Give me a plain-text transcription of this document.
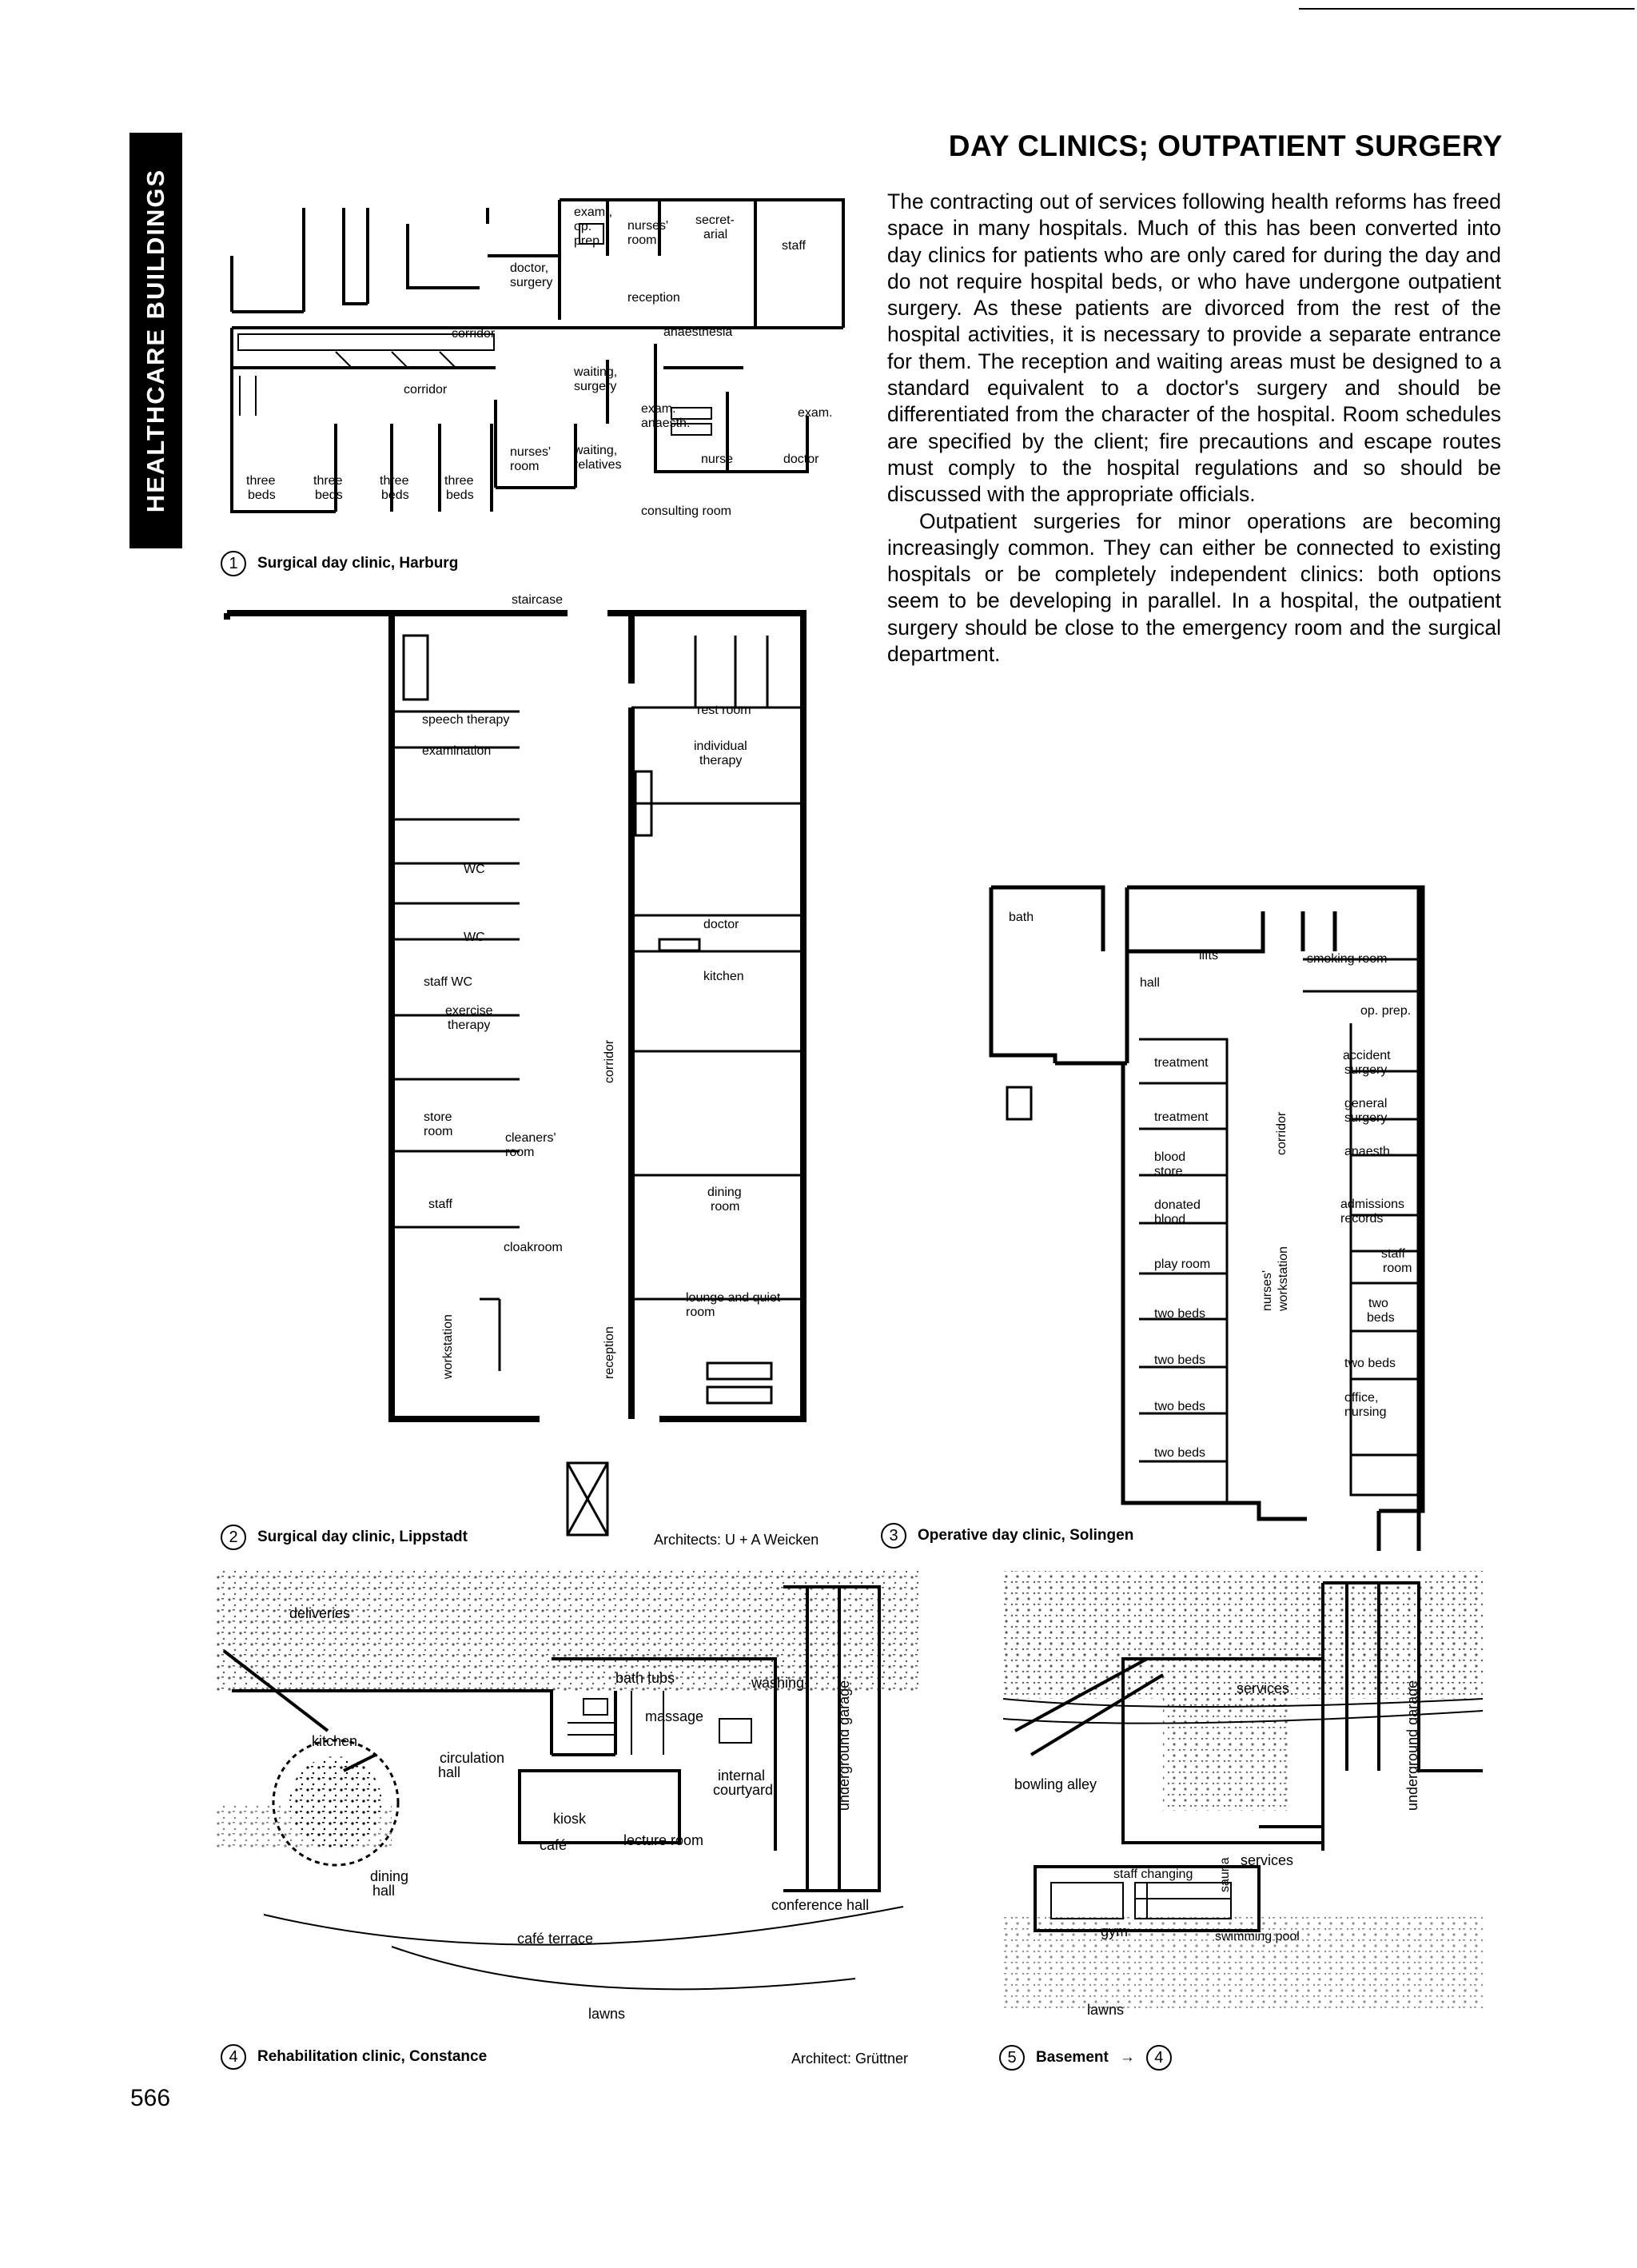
HEALTHCARE BUILDINGS
DAY CLINICS; OUTPATIENT SURGERY

The contracting out of services following health reforms has freed space in many hospitals. Much of this has been converted into day clinics for patients who are only cared for during the day and do not require hospital beds, or who have undergone outpatient surgery. As these patients are divorced from the rest of the hospital activities, it is necessary to provide a separate entrance for them. The reception and waiting areas must be designed to a standard equivalent to a doctor's surgery and should be differentiated from the character of the hospital. Room schedules are specified by the client; fire precautions and escape routes must comply to the hospital regulations and so should be discussed with the appropriate officials.

Outpatient surgeries for minor operations are becoming increasingly common. They can either be connected to existing hospitals or be completely independent clinics: both options seem to be developing in parallel. In a hospital, the outpatient surgery should be close to the emergency room and the surgical department.

exam.,
op.
prep.
nurses'
room
secret-
arial
staff
doctor,
surgery
reception
corridor	anaesthesia
corridor
waiting,
surgery
exam.
anaesth.
exam.
nurses'
room
waiting,
relatives	nurse	doctor
three
beds
three
beds
three
beds
three
beds
consulting room
1	Surgical day clinic, Harburg
staircase
speech therapy
examination
WC
WC
staff WC
exercise
therapy
store
room	cleaners'
room
staff
cloakroom
workstation	reception
corridor
rest room
individual
therapy
doctor
kitchen
dining
room
lounge and quiet
room
2	Surgical day clinic, Lippstadt	Architects: U + A Weicken
bath
lifts
hall
smoking room
op. prep.
treatment
treatment
blood
store
donated
blood
play room
two beds
two beds
two beds
two beds
accident
surgery
general
surgery
anaesth.
admissions
records
staff
room
two
beds
two beds
office,
nursing
corridor
nurses' workstation
3	Operative day clinic, Solingen
deliveries
bath tubs	washing
massage
kitchen
circulation
hall	internal
courtyard
kiosk
café	lecture room
dining
hall
conference hall
café terrace
lawns
underground garage
4	Rehabilitation clinic, Constance	Architect: Grüttner
services	underground garage
bowling alley
staff changing sauna services
gym	swimming pool
lawns
5	Basement →	4
566
